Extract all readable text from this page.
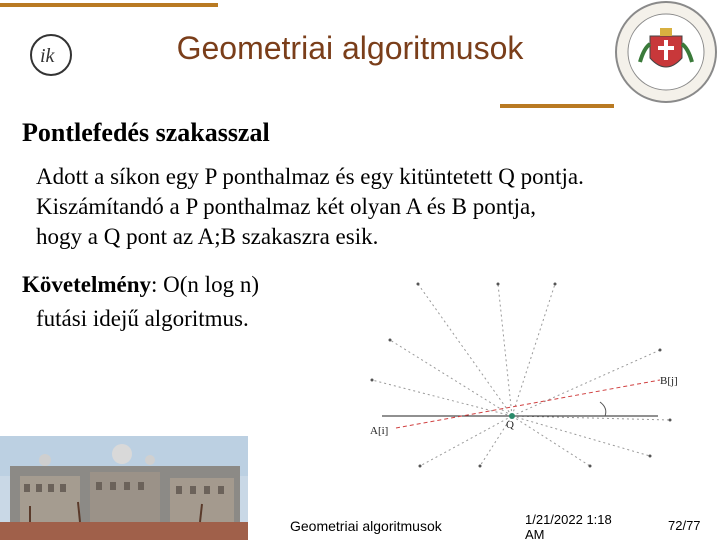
ik	Geometriai algoritmusok
Pontlefedés szakasszal
Adott a síkon egy P ponthalmaz és egy kitüntetett Q pontja.
Kiszámítandó a P ponthalmaz két olyan A és B pontja,
hogy a Q pont az A;B szakaszra esik.
Követelmény: O(n log n)
futási idejű algoritmus.
Q
A[i]
B[j]
Geometriai algoritmusok	1/21/2022 1:18
AM
72/77
